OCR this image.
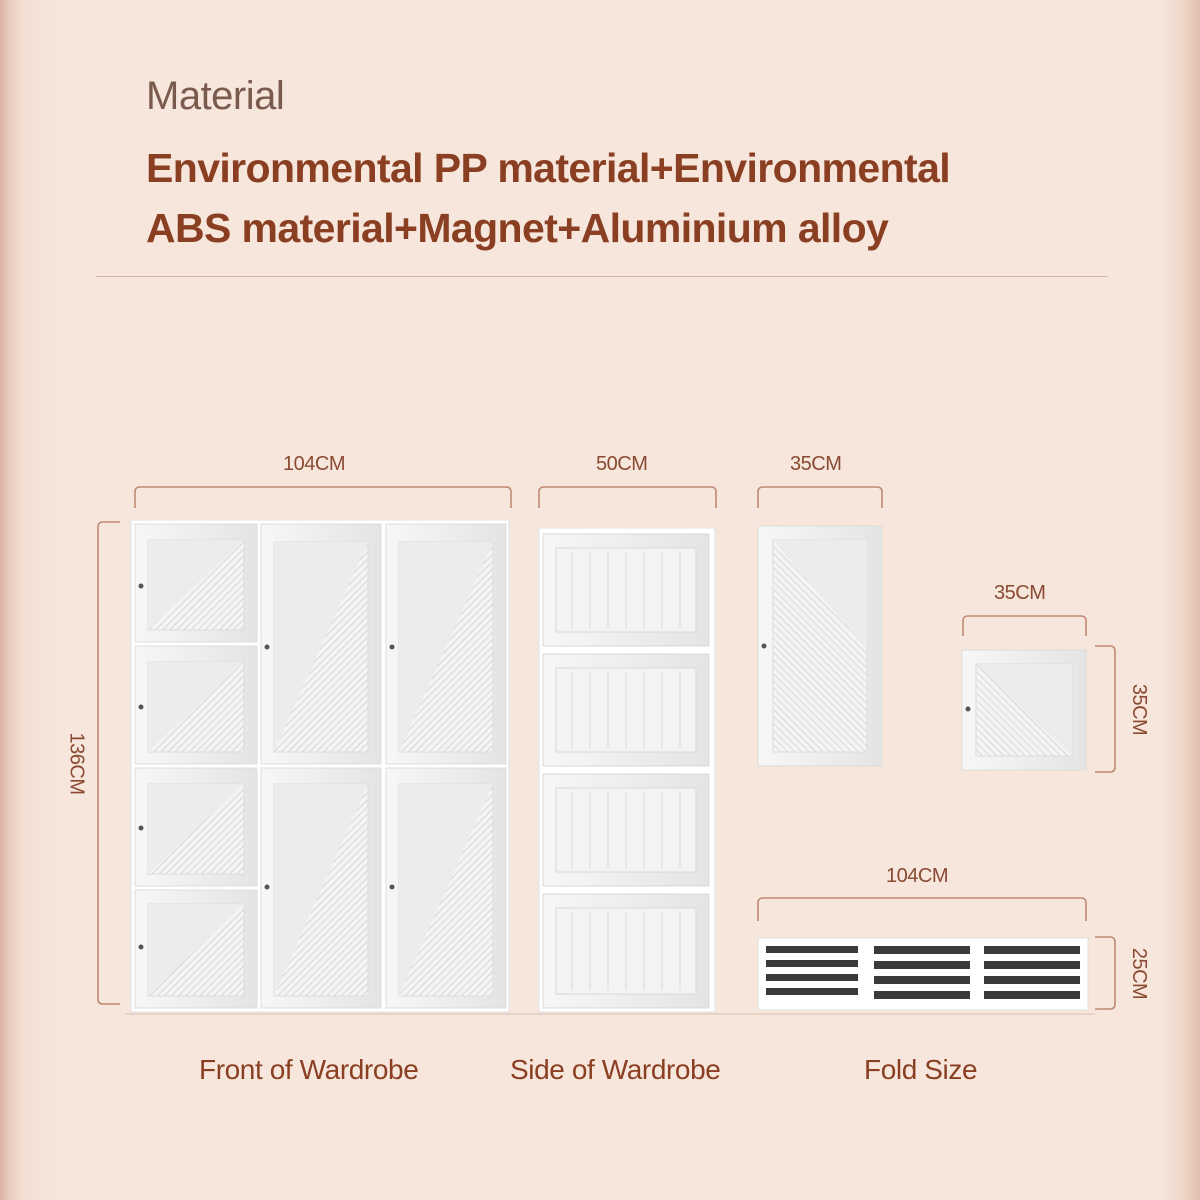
Material
Environmental PP material+Environmental
ABS material+Magnet+Aluminium alloy
104CM
136CM
50CM	35CM
35CM
35CM
104CM
25CM
Front of Wardrobe	Side of Wardrobe	Fold Size
